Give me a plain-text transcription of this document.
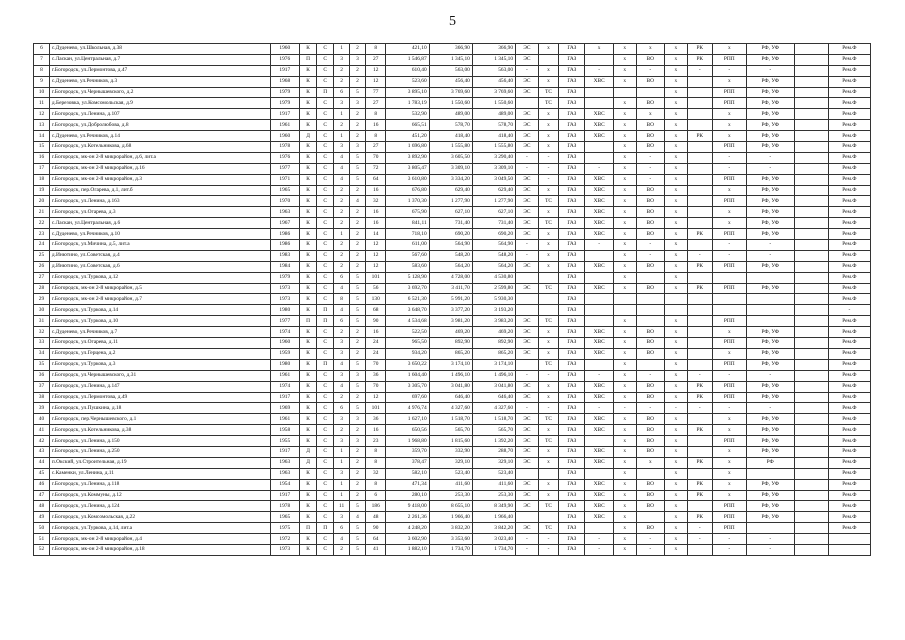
5
6	с.Дуденево, ул.Школьная, д.38	1960	К	С	1	2	8	421,10	366,90	366,90	ЭС	х	ГАЗ	х	х	х	х	РК	х	РФ, УФ		Рем.Ф
7	с.Ласкан, ул.Центральная, д.7	1976	П	С	3	3	27	1 546,87	1 345,10	1 345,10	ЭС		ГАЗ		х	ВО	х	РК	РПП	РФ, УФ		Рем.Ф
8	г.Богородск, ул.Лермонтова, д.47	1917	К	С	2	2	12	610,40	563,00	563,00	-	х	ГАЗ	-	х	-	х	-	-	-		Рем.Ф
9	с.Дуденево, ул.Речников, д.3	1968	К	С	2	2	12	523,60	456,40	456,40	ЭС	х	ГАЗ	ХВС	х	ВО	х		х	РФ, УФ		Рем.Ф
10	г.Богородск, ул.Чернышевского, д.2	1979	К	П	6	5	77	3 895,10	3 769,60	3 769,60	ЭС	ТС	ГАЗ				х		РПП	РФ, УФ		Рем.Ф
11	д.Березовка, ул.Комсомольская, д.9	1979	К	С	3	3	27	1 783,19	1 550,60	1 550,60		ТС	ГАЗ		х	ВО	х		РПП	РФ, УФ		Рем.Ф
12	г.Богородск, ул.Ленина, д.107	1917	К	С	1	2	8	532,90	489,00	489,00	ЭС	х	ГАЗ	ХВС	х	х	х		х	РФ, УФ		Рем.Ф
13	г.Богородск, ул.Добролюбова, д.8	1961	К	С	2	2	16	665,51	578,70	578,70	ЭС	х	ГАЗ	ХВС	х	ВО	х		х	РФ, УФ		Рем.Ф
14	с.Дуденево, ул.Речников, д.14	1960	Д	С	1	2	8	451,20	418,40	418,40	ЭС	х	ГАЗ	ХВС	х	ВО	х	РК	х	РФ, УФ		Рем.Ф
15	г.Богородск, ул.Котельникова, д.68	1978	К	С	3	3	27	1 696,80	1 555,80	1 555,80	ЭС	х	ГАЗ		х	ВО	х		РПП	РФ, УФ		Рем.Ф
16	г.Богородск, мк-он 2-й микрорайон, д.6, лит.а	1976	К	С	4	5	70	3 892,90	3 605,50	3 290,40	-	-	ГАЗ		х	-	х		-	-		Рем.Ф
17	г.Богородск, мк-он 2-й микрорайон, д.16	1977	К	С	4	5	72	3 805,47	3 309,10	3 309,10	-	-	ГАЗ	-	х	-	х		-	-		Рем.Ф
18	г.Богородск, мк-он 2-й микрорайон, д.3	1971	К	С	4	5	64	3 610,80	3 334,20	3 049,50	ЭС	-	ГАЗ	ХВС	х	-	х		РПП	РФ, УФ		Рем.Ф
19	г.Богородск, пер.Огарева, д.1, лит.б	1965	К	С	2	2	16	676,80	629,40	629,40	ЭС	х	ГАЗ	ХВС	х	ВО	х		х	РФ, УФ		Рем.Ф
20	г.Богородск, ул.Ленина, д.163	1970	К	С	2	4	32	1 370,30	1 277,90	1 277,90	ЭС	ТС	ГАЗ	ХВС	х	ВО	х		РПП	РФ, УФ		Рем.Ф
21	г.Богородск, ул.Огарева, д.3	1963	К	С	2	2	16	675,90	627,10	627,10	ЭС	х	ГАЗ	ХВС	х	ВО	х		х	РФ, УФ		Рем.Ф
22	с.Ласкан, ул.Центральная, д.6	1967	К	С	2	2	16	841,11	731,40	731,40	ЭС	ТС	ГАЗ	ХВС	х	ВО	х		х	РФ, УФ		Рем.Ф
23	с.Дуденево, ул.Речников, д.10	1986	К	С	1	2	14	718,10	690,20	690,20	ЭС	х	ГАЗ	ХВС	х	ВО	х	РК	РПП	РФ, УФ		Рем.Ф
24	г.Богородск, ул.Мичина, д.5, лит.а	1986	К	С	2	2	12	611,00	564,90	564,90	-	х	ГАЗ	-	х	-	х		-	-		Рем.Ф
25	д.Инютино, ул.Советская, д.4	1983	К	С	2	2	12	567,60	548,20	548,20	-	х	ГАЗ		х	-	х	-	-	-		Рем.Ф
26	д.Инютино, ул.Советская, д.6	1984	К	С	2	2	12	583,60	564,20	564,20	ЭС	х	ГАЗ	ХВС	х	ВО	х	РК	РПП	РФ, УФ		Рем.Ф
27	г.Богородск, ул.Туркова, д.12	1979	К	С	6	5	101	5 128,90	4 728,00	4 530,80			ГАЗ		х		х					Рем.Ф
28	г.Богородск, мк-он 2-й микрорайон, д.5	1973	К	С	4	5	56	3 692,70	3 411,70	2 599,80	ЭС	ТС	ГАЗ	ХВС	х	ВО	х	РК	РПП	РФ, УФ		Рем.Ф
29	г.Богородск, мк-он 2-й микрорайон, д.7	1973	К	С	8	5	130	6 521,30	5 991,20	5 930,30			ГАЗ									Рем.Ф
30	г.Богородск, ул.Туркова, д.14	1980	К	П	4	5	68	3 648,70	3 377,20	3 193,20			ГАЗ									-
31	г.Богородск, ул.Туркова, д.10	1977	П	П	6	5	90	4 534,68	3 981,20	3 983,20	ЭС	ТС	ГАЗ		х		х		РПП			Рем.Ф
32	с.Дуденево, ул.Речников, д.7	1974	К	С	2	2	16	522,50	469,20	469,20	ЭС	х	ГАЗ	ХВС	х	ВО	х		х	РФ, УФ		Рем.Ф
33	г.Богородск, ул.Огарева, д.11	1960	К	С	3	2	24	965,50	892,90	892,90	ЭС	х	ГАЗ	ХВС	х	ВО	х		РПП	РФ, УФ		Рем.Ф
34	г.Богородск, ул.Герцена, д.2	1959	К	С	3	2	24	934,20	865,20	865,20	ЭС	х	ГАЗ	ХВС	х	ВО	х		х	РФ, УФ		Рем.Ф
35	г.Богородск, ул.Туркова, д.3	1980	К	П	4	5	70	3 650,22	3 174,10	3 174,10		ТС	ГАЗ		х		х		РПП	РФ, УФ		Рем.Ф
36	г.Богородск, ул.Чернышевского, д.31	1961	К	С	3	3	36	1 604,40	1 496,10	1 496,10	-	-	ГАЗ	-	х	-	х	-	-	-		Рем.Ф
37	г.Богородск, ул.Ленина, д.147	1974	К	С	4	5	70	3 305,70	3 041,80	3 041,80	ЭС	х	ГАЗ	ХВС	х	ВО	х	РК	РПП	РФ, УФ		Рем.Ф
38	г.Богородск, ул.Лермонтова, д.49	1917	К	С	2	2	12	697,60	646,40	646,40	ЭС	х	ГАЗ	ХВС	х	ВО	х	РК	РПП	РФ, УФ		Рем.Ф
39	г.Богородск, ул.Пушкина, д.18	1969	К	С	6	5	101	4 976,74	4 327,60	4 327,60	-	-	ГАЗ	-	-	-	-	-	-	-		Рем.Ф
40	г.Богородск, пер.Чернышевского, д.1	1961	К	С	3	3	36	1 627,10	1 518,70	1 518,70	ЭС	ТС	ГАЗ	ХВС	х	ВО	х		х	РФ, УФ		Рем.Ф
41	г.Богородск, ул.Котельникова, д.38	1958	К	С	2	2	16	650,56	565,70	565,70	ЭС	х	ГАЗ	ХВС	х	ВО	х	РК	х	РФ, УФ		Рем.Ф
42	г.Богородск, ул.Ленина, д.150	1955	К	С	3	3	23	1 968,80	1 815,60	1 392,20	ЭС	ТС	ГАЗ		х	ВО	х		РПП	РФ, УФ		Рем.Ф
43	г.Богородск, ул.Ленина, д.250	1917	Д	С	1	2	8	359,70	332,90	288,70	ЭС	х	ГАЗ	ХВС	х	ВО	х		х	РФ, УФ		Рем.Ф
44	п.Окский, ул.Строительная, д.19	1963	Д	С	1	2	8	378,47	329,10	329,10	ЭС	х	ГАЗ	ХВС	х	х	х	РК	х	РФ		Рем.Ф
45	с.Каменки, ул.Ленина, д.11	1963	К	С	3	2	32	582,10	523,40	523,40			ГАЗ		х		х		х			Рем.Ф
46	г.Богородск, ул.Ленина, д.118	1954	К	С	1	2	8	471,34	411,60	411,60	ЭС	х	ГАЗ	ХВС	х	ВО	х	РК	х	РФ, УФ		Рем.Ф
47	г.Богородск, ул.Коммуны, д.12	1917	К	С	1	2	6	280,10	253,30	253,30	ЭС	х	ГАЗ	ХВС	х	ВО	х	РК	х	РФ, УФ		Рем.Ф
48	г.Богородск, ул.Ленина, д.124	1978	К	С	11	5	186	9 418,00	8 655,10	8 349,90	ЭС	ТС	ГАЗ	ХВС	х	ВО	х		РПП	РФ, УФ		Рем.Ф
49	г.Богородск, ул.Комсомольская, д.22	1965	К	С	3	4	48	2 261,36	1 966,40	1 966,40			ГАЗ	ХВС	х		х	РК	РПП	РФ, УФ		Рем.Ф
50	г.Богородск, ул.Туркова, д.14, лит.а	1975	П	П	6	5	90	4 248,20	3 832,20	3 842,20	ЭС	ТС	ГАЗ		х	ВО	х	-	РПП			Рем.Ф
51	г.Богородск, мк-он 2-й микрорайон, д.4	1972	К	С	4	5	64	3 602,90	3 353,60	3 023,40	-	-	ГАЗ	-	х	-	х	-	-	-		
52	г.Богородск, мк-он 2-й микрорайон, д.18	1973	К	С	2	5	41	1 882,10	1 734,70	1 734,70	-	-	ГАЗ	-	х	-	х		-	-		
